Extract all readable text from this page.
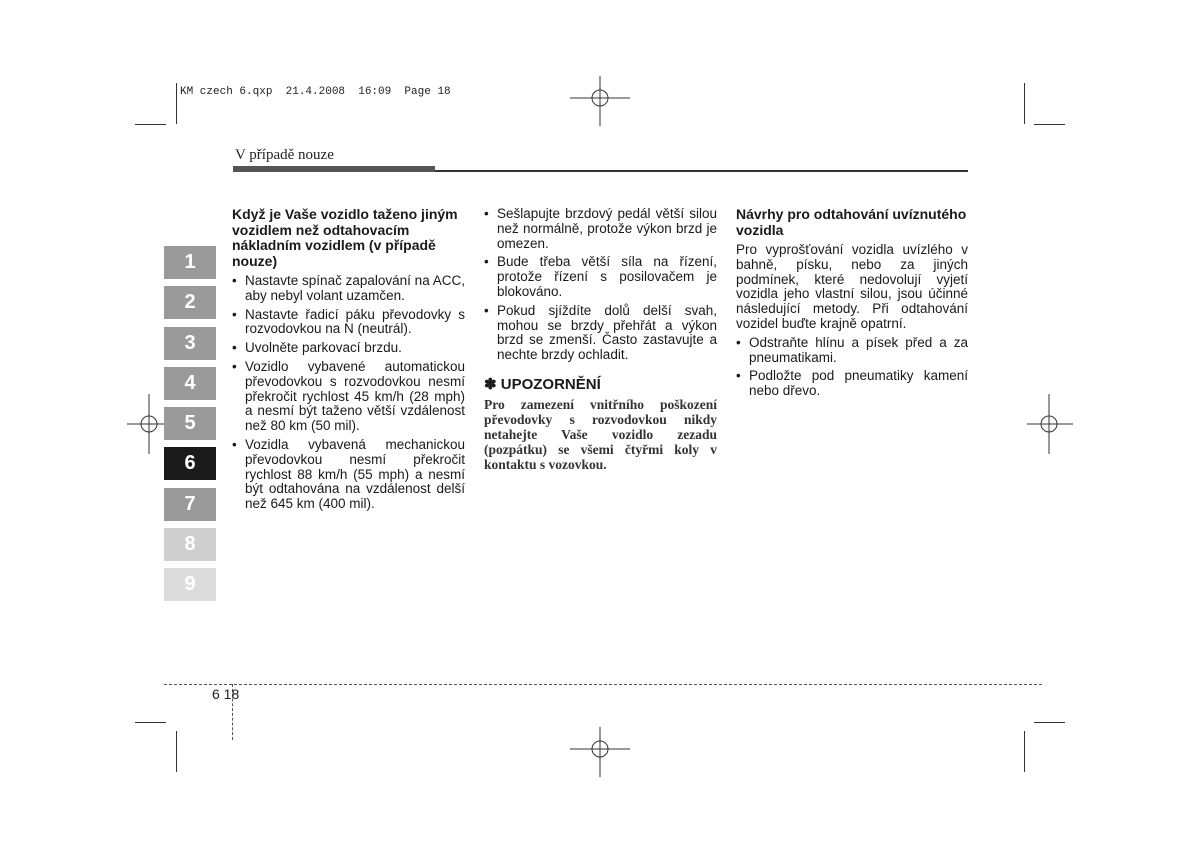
KM czech 6.qxp  21.4.2008  16:09  Page 18
V případě nouze
1
2
3
4
5
6
7
8
9
Když je Vaše vozidlo taženo jiným vozidlem než odtahovacím nákladním vozidlem (v případě nouze)
• Nastavte spínač zapalování na ACC, aby nebyl volant uzamčen.
• Nastavte řadicí páku převodovky s rozvodovkou na N (neutrál).
• Uvolněte parkovací brzdu.
• Vozidlo vybavené automatickou převodovkou s rozvodovkou nesmí překročit rychlost 45 km/h (28 mph) a nesmí být taženo větší vzdálenost než 80 km (50 mil).
• Vozidla vybavená mechanickou převodovkou nesmí překročit rychlost 88 km/h (55 mph) a nesmí být odtahována na vzdálenost delší než 645 km (400 mil).
• Sešlapujte brzdový pedál větší silou než normálně, protože výkon brzd je omezen.
• Bude třeba větší síla na řízení, protože řízení s posilovačem je blokováno.
• Pokud sjíždíte dolů delší svah, mohou se brzdy přehřát a výkon brzd se zmenší. Často zastavujte a nechte brzdy ochladit.
✽ UPOZORNĚNÍ
Pro zamezení vnitřního poškození převodovky s rozvodovkou nikdy netahejte Vaše vozidlo zezadu (pozpátku) se všemi čtyřmi koly v kontaktu s vozovkou.
Návrhy pro odtahování uvíznutého vozidla
Pro vyprošťování vozidla uvízlého v bahně, písku, nebo za jiných podmínek, které nedovolují vyjetí vozidla jeho vlastní silou, jsou účinné následující metody. Při odtahování vozidel buďte krajně opatrní.
• Odstraňte hlínu a písek před a za pneumatikami.
• Podložte pod pneumatiky kamení nebo dřevo.
6 18
